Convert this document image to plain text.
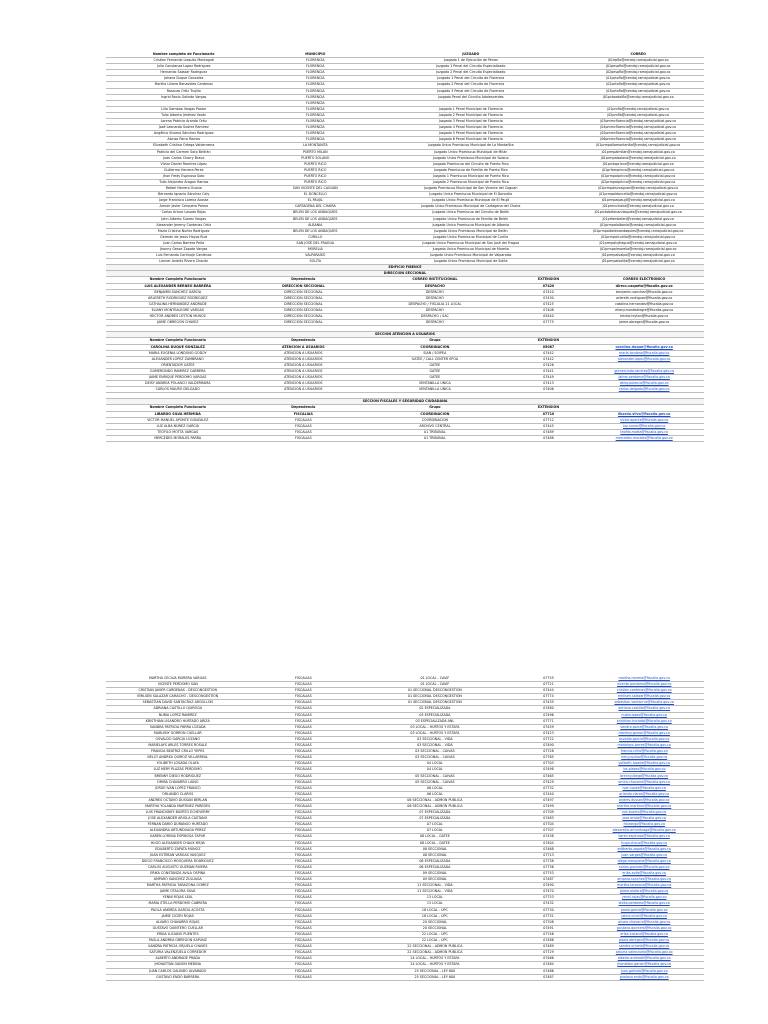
Nombre completo de Funcionario	MUNICIPIO	JUZGADO	CORREO
Cristian Fernando Llaquilo Montaguti	FLORENCIA	Juzgado 1 de Ejecución de Penas	j01epflo@cendoj.ramajudicial.gov.co
Julia Constanza Lopez Rodriguez	FLORENCIA	Juzgado 1 Penal del Circuito Especializado	j01pespflo@cendoj.ramajudicial.gov.co
Hernando Salazar Rodriguez	FLORENCIA	Juzgado 2 Penal del Circuito Especializado	j02pespflo@cendoj.ramajudicial.gov.co
Johana Duque Gonzalez	FLORENCIA	Juzgado 1 Penal del Circuito de Florencia	j01pctoflo@cendoj.ramajudicial.gov.co
Martha Liliana Benavides Cardenas	FLORENCIA	Juzgado 2 Penal del Circuito de Florencia	j02pctoflo@cendoj.ramajudicial.gov.co
Rosaura Ortiz Trujillo	FLORENCIA	Juzgado 3 Penal del Circuito de Florencia	j03pctoflo@cendoj.ramajudicial.gov.co
Ingrid Rocío Galindo Vargas	FLORENCIA	Juzgado Penal del Circuito Adolescentes	j01pctoadolflo@cendoj.ramajudicial.gov.co
	FLORENCIA		
Lilia Gamboa Vargas Pastor	FLORENCIA	Juzgado 1 Penal Municipal de Florencia	j01pmflo@cendoj.ramajudicial.gov.co
Tulio Alberto Jiménez Varón	FLORENCIA	Juzgado 2 Penal Municipal de Florencia	j02pmflo@cendoj.ramajudicial.gov.co
Lorena Patricia Aranda Ortiz	FLORENCIA	Juzgado 3 Penal Municipal de Florencia	j03pmmcfloencia@cendoj.ramajudicial.gov.co
José Leonardo Suárez Ramírez	FLORENCIA	Juzgado 4 Penal Municipal de Florencia	j04pmmcfloencia@cendoj.ramajudicial.gov.co
Angélica Viviana Sánchez Rodriguez	FLORENCIA	Juzgado 5 Penal Municipal de Florencia	j05pmmcfloencia@cendoj.ramajudicial.gov.co
Alonso Parra Ramos	FLORENCIA	Juzgado 6 Penal Municipal de Florencia	j06pmmcfloencia@cendoj.ramajudicial.gov.co
Elizabeth Cristina Ortega Valderrama	LA MONTAÑITA	Juzgado Único Promiscuo Municipal de La Montañita	j01prmpallamontanita@cendoj.ramajudicial.gov.co
Patricia del Carmen Soto Beltrán	PUERTO MILÁN	Juzgado Único Promiscuo Municipal de Milán	j01prmpalmilan@cendoj.ramajudicial.gov.co
Juan Carlos Charry Bravo	PUERTO SOLANO	Juzgado Único Promiscuo Municipal de Solano	j01prmpalsolano@cendoj.ramajudicial.gov.co
Víctor Daniel Ramírez López	PUERTO RICO	Juzgado Promiscuo del Circuito de Puerto Rico	j01prctopricco@cendoj.ramajudicial.gov.co
Guillermo Herrera Perez	PUERTO RICO	Juzgado Promiscuo de Familia de Puerto Rico	j01prfampricco@cendoj.ramajudicial.gov.co
Jhon Fredy Espinosa Soto	PUERTO RICO	Juzgado 1 Promiscuo Municipal de Puerto Rico	j01prmpalpricco@cendoj.ramajudicial.gov.co
Tulio Alejandro Aragon Ramos	PUERTO RICO	Juzgado 2 Promiscuo Municipal de Puerto Rico	j02prmpalpricco@cendoj.ramajudicial.gov.co
Rafael Herrera Ocasio	SAN VICENTE DEL CAGUÁN	Juzgado Promiscuo Municipal de San Vicente del Caguan	j01prmpalsvcaguan@cendoj.ramajudicial.gov.co
Bernardo Ignacio Sánchez Cely	EL DONCELLO	Juzgado Único Promiscuo Municipal de El Doncello	j01prmpaldoncello@cendoj.ramajudicial.gov.co
Jorge Francisco Lorena Acosta	EL PAUJIL	Juzgado Único Promiscuo Municipal de El Paujil	j01prmpalpaujil@cendoj.ramajudicial.gov.co
Amner Javier Cerquera Palma	CARTAGENA DEL CHAIRA	Juzgado Único Promiscuo Municipal de Cartagena del Chaira	j01prmcchaira@cendoj.ramajudicial.gov.co
Carlos Arturo Losada Rojas	BELÉN DE LOS ANDAQUÍES	Juzgado Único Promiscuo del Circuito de Belén	j01prctobelenandaquies@cendoj.ramajudicial.gov.co
John Alberto Suarez Vargas	BELÉN DE LOS ANDAQUÍES	Juzgado Único Promiscuo de Familia de Belén	j01prfambelen@cendoj.ramajudicial.gov.co
Alexander Jeremy Cardenas Ortiz	ALBANIA	Juzgado Único Promiscuo Municipal de Albania	j01prmpalalbania@cendoj.ramajudicial.gov.co
María Cristina Nuñez Rodriguez	BELÉN DE LOS ANDAQUÍES	Juzgado Único Promiscuo Municipal de Belén	j01prmpalbelenandaquies@cendoj.ramajudicial.gov.co
Germán de Jesús Hoyos Ruiz	CURILLO	Juzgado Único Promiscuo Municipal de Curillo	j01prmpalcurillo@cendoj.ramajudicial.gov.co
Juan Carlos Barrera Peña	SAN JOSÉ DEL FRAGUA	Juzgado Único Promiscuo Municipal de San José del Fragua	j01prmpalsjfragua@cendoj.ramajudicial.gov.co
Jhonny Gesse Zapata Vargas	MORELIA	Juzgado Único Promiscuo Municipal de Morelia	j01prmpalmorelia@cendoj.ramajudicial.gov.co
Luis Fernando Cortinaje Cardenas	VALPARAÍSO	Juzgado Único Promiscuo Municipal de Valparaíso	j01prmpalvalpo@cendoj.ramajudicial.gov.co
Lenner Andrés Rivera Chacón	SOLITA	Juzgado Único Promiscuo Municipal de Solita	j01prmpalsolita@cendoj.ramajudicial.gov.co
EDIFICIO FIBENCE				
DIRECCION SECCIONAL				
Nombre Completo Funcionario	Dependencia	CORREO INSTITUCIONAL	EXTENSION	CORREO ELECTRONICO
LUIS ALEXANDER BERNEO BARRERA	DIRECCION SECCIONAL	DESPACHO	07420	direcc.caqueta@fiscalia.gov.co
BENJAMIN SANCHEZ GARCIA	DIRECCION SECCIONAL	DESPACHO	07410	benjamin.sanchez@fiscalia.gov.co
ARLERETH RODRIGUEZ RODRIGUEZ	DIRECCION SECCIONAL	DESPACHO	07430	arlereth.rodriguez@fiscalia.gov.co
CATHALINA HERNANDEZ ANDRADE	DIRECCION SECCIONAL	DESPACHO / FISCALIA 21 LOCAL	07425	catalina.hernandez@fiscalia.gov.co
ELIANY MONTEALEGRE VARGAS	DIRECCION SECCIONAL	DESPACHO	07408	eliany.montealegre@fiscalia.gov.co
HECTOR ANDRES LEYTON MUÑOZ	DIRECCION SECCIONAL	DESPACHO / SAC	05440	hector.leyton@fiscalia.gov.co
JAIME OBREGON CHAVEZ	DIRECCION SECCIONAL	DESPACHO	07775	jaime.obregon@fiscalia.gov.co

SECCION ATENCION A USUARIOS				
Nombre Completo Funcionario	Dependencia	Grupo	EXTENSION	
CAROLINA DUQUE GONZALEZ	ATENCION A USUARIOS	COORDINACION	05087	carolina.duque@fiscalia.gov.co
MARIA EUGENIA LONDOÑO GODOY	ATENCION A USUARIOS	SIAN / SOIPEA	07442	maria.londono@fiscalia.gov.co
ALEXANDER LOPEZ ZAMBRANO	ATENCION A USUARIOS	GATEE / CALL CENTER SPOA	07442	alexander.lopez@fiscalia.gov.co
ORIENTADOR GATEE	ATENCION A USUARIOS	GATEE	07426	
GUMERCINDO RAMIREZ CABRERA	ATENCION A USUARIOS	GATEE	07441	gumercindo.ramirez@fiscalia.gov.co
JAIME ENRIQUE PERDOMO VARGAS	ATENCION A USUARIOS	GATEE	07449	jaime.perdomo@fiscalia.gov.co
DEISY ANDREA POLANCO VALDERRAMA	ATENCION A USUARIOS	VENTANILLA UNICA	07413	deisy.polanco@fiscalia.gov.co
CARLOS MAURO DELGADO	ATENCION A USUARIOS	VENTANILLA UNICA	07406	carlos.delgado@fiscalia.gov.co

SECCION FISCALES Y SEGURIDAD CIUDADANA				
Nombre Completo Funcionario	Dependencia	Grupo	EXTENSION	
LIBARDO SILVA HERMIDA	FISCALIAS	COORDINACION	07710	libardo.silva@fiscalia.gov.co
VICTOR MANUEL APONTE GONZALEZ	FISCALIAS	COORDINACION	07712	victor.aponte@fiscalia.gov.co
LUZ ALBA NUÑEZ GARCIA	FISCALIAS	ARCHIVO CENTRAL	07445	luz.nunez@fiscalia.gov.co
TEOFILO MOTTA VARGAS	FISCALIAS	01 TRIBUNAL	07489	teofilo.motta@fiscalia.gov.co
MERCEDES MORALES PARRA	FISCALIAS	01 TRIBUNAL	07488	mercedes.morales@fiscalia.gov.co
MARTHA CECILIA MORERA VARGAS	FISCALIAS	01 LOCAL - CAVIF	07755	martha.morera@fiscalia.gov.co
VICENTE PERDOMO SAN	FISCALIAS	01 LOCAL - CAVIF	07721	vicente.perdomo@fiscalia.gov.co
CRISTIAN JAVIER CARDENAS - DESCONGESTION	FISCALIAS	01 SECCIONAL DESCONGESTION	07444	cristian.cardenas@fiscalia.gov.co
EMILSEN SALAZAR CAMACHO - DESCONGESTION	FISCALIAS	01 SECCIONAL DESCONGESTION	07774	emilsen.salazar@fiscalia.gov.co
SEBASTIAN DAVID SANTACRUZ ARGOLLON	FISCALIAS	01 SECCIONAL DESCONGESTION	07435	sebastian.santacruz@fiscalia.gov.co
ADRIANA CASTILLO QUIROGA	FISCALIAS	02 ESPECIALIZADA	07480	adriana.castillo@fiscalia.gov.co
NUBIA LOPEZ RAMIREZ	FISCALIAS	03 ESPECIALIZADA	07496	nubia.lopez@fiscalia.gov.co
KRISTHIAN LISANDRO HURTADO ARIZA	FISCALIAS	03 ESPECIALIZADA ANL	07771	kristhian.hurtado@fiscalia.gov.co
SANDRA PATRICIA PARRA LOZADA	FISCALIAS	03 LOCAL - HURTOS Y ESTAFA	07459	sandra.parra@fiscalia.gov.co
MARLENY GORRON CUELLAR	FISCALIAS	03 LOCAL - HURTOS Y ESTAFA	07423	marleny.gorron@fiscalia.gov.co
OSVALDO GARCIA LOZANO	FISCALIAS	03 SECCIONAL - VIDA	07722	osvaldo.garcia@fiscalia.gov.co
MARIELAYS ARLES TORRES ROSALE	FISCALIAS	03 SECCIONAL - VIDA	07490	marielays.torres@fiscalia.gov.co
FRANCIA BEATRIZ CRILLO YEPES	FISCALIAS	03 SECCIONAL - CAIVAS	07728	francia.crillo@fiscalia.gov.co
NELCY ANDREA QUIROZ VILLARREAL	FISCALIAS	03 SECCIONAL - CAIVAS	07765	nelcy.quiroz@fiscalia.gov.co
YOLIBETH LOSADA OLAYA	FISCALIAS	04 LOCAL	07703	yolibeth.losada@fiscalia.gov.co
LUZ MERY PLAZAS PERDOMO	FISCALIAS	04 LOCAL	07498	luz.plazas@fiscalia.gov.co
BRENNY DIEGO RODRIGUEZ	FISCALIAS	05 SECCIONAL - CAIVAS	07465	brenny.diego@fiscalia.gov.co
OMIRA CHAVARRO LAINO	FISCALIAS	05 SECCIONAL - CAIVAS	07429	omira.chavarro@fiscalia.gov.co
JORGE IVAN LOPEZ FRANCO	FISCALIAS	06 LOCAL	07732	ivan.lopez@fiscalia.gov.co
ORLANDO CLAROS	FISCALIAS	06 LOCAL	07440	orlando.claros@fiscalia.gov.co
ANDRES OCTAVIO DUSSAN BERLAN	FISCALIAS	06 SECCIONAL - ADMON PUBLICA	07497	andres.dussan@fiscalia.gov.co
MARTHA YOLANDA MARTINEZ PAREDES	FISCALIAS	06 SECCIONAL - ADMON PUBLICA	07499	martha.martinez@fiscalia.gov.co
LUIS FRANCISNEY BUERTO ECHEVERRY	FISCALIAS	07 ESPECIALIZADA	07709	luis.buerto@fiscalia.gov.co
JOSE ALEXANDER ARIOLA CASTAÑO	FISCALIAS	07 ESPECIALIZADA	07483	jose.ariola@fiscalia.gov.co
FERNAN DARIO DURANGO HURTADO	FISCALIAS	07 LOCAL	07704	fdurango@fiscalia.gov.co
ALEXANDRA ARTUNDUAGA PEREZ	FISCALIAS	07 LOCAL	07707	alexandra.artunduaga@fiscalia.gov.co
KAREN LORENA ESPINOSA TAPUR	FISCALIAS	08 LOCAL - GATEE	07438	karen.espinosa@fiscalia.gov.co
HUGO ALEXANDER CHAUX MEJIA	FISCALIAS	08 LOCAL - GATEE	07404	hugo.chaux@fiscalia.gov.co
EDILBERTO ZAPATA MUÑOZ	FISCALIAS	08 SECCIONAL	07468	edilberto.zapata@fiscalia.gov.co
JUAN ESTEBAN VARGAS VASQUEZ	FISCALIAS	08 SECCIONAL	07713	juan.vargas@fiscalia.gov.co
DIEGO FRANCISCO MOSQUERA RODRIGUEZ	FISCALIAS	08 ESPECIALIZADA	07738	diego.mosquera@fiscalia.gov.co
CARLOS AUGUSTO GUZMAN RIVERA	FISCALIAS	08 ESPECIALIZADA	07736	carlos.guzman@fiscalia.gov.co
ERIKA CONSTANZA AVILA OSPINA	FISCALIAS	09 SECCIONAL	07753	erika.avila@fiscalia.gov.co
AMPARO SANCHEZ ZULUAGA	FISCALIAS	09 SECCIONAL	07487	amparo.sanchez@fiscalia.gov.co
MARTHA PATRICIA TARAZONA GOMEZ	FISCALIAS	11 SECCIONAL - VIDA	07490	martha.tarazona@fiscalia.gov.co
JAIME OTALORA SILVA	FISCALIAS	11 SECCIONAL - VIDA	07470	jaime.otalora@fiscalia.gov.co
YENNI ROJAS LEAL	FISCALIAS	13 LOCAL	07753	yenni.rojas@fiscalia.gov.co
MARIA STELLA PERDOMO CABRERA	FISCALIAS	13 LOCAL	07432	stella.perdomo@fiscalia.gov.co
PAOLA ANDREA GARCIA ACOSTA	FISCALIAS	18 LOCAL - UPC	07730	paola.garcia@fiscalia.gov.co
JAIME CICERI ROJAS	FISCALIAS	18 LOCAL - UPC	07731	jaime.ciceri@fiscalia.gov.co
ALVARO CHAVARRO ROJAS	FISCALIAS	20 SECCIONAL	07708	alvaro.chavarro@fiscalia.gov.co
GUSTAVO QUINTERO CUELLAR	FISCALIAS	20 SECCIONAL	07491	gustavo.quintero@fiscalia.gov.co
ERIKA LUCIANO PUENTES	FISCALIAS	22 LOCAL - UPC	07746	erika.luciano@fiscalia.gov.co
PAOLA ANDREA OBREGON SAPUNZ	FISCALIAS	22 LOCAL - UPC	07486	paola.obregon@fiscalia.gov.co
SANDRA PATRICIA ORJUELA CHAVES	FISCALIAS	22 SECCIONAL - ADMON PUBLICA	07489	sandra.orjuela@fiscalia.gov.co
SATURIA VALENZUELA CORREDOR	FISCALIAS	22 SECCIONAL - ADMON PUBLICA	07729	saturia.valenzuela@fiscalia.gov.co
ALBERTO ANDRADE PRADA	FISCALIAS	24 LOCAL - HURTOS Y ESTAFA	07466	alberto.andrade@fiscalia.gov.co
JHONATTAN GAÑON MEDINA	FISCALIAS	24 LOCAL - HURTOS Y ESTAFA	07484	jhonattan.ganon@fiscalia.gov.co
JUAN CARLOS GALINDO ALVARADO	FISCALIAS	25 SECCIONAL - LEY 600	07486	juan.galindo@fiscalia.gov.co
GUSTAVO ENDO BARRERA	FISCALIAS	25 SECCIONAL - LEY 600	07487	gustavo.endo@fiscalia.gov.co
